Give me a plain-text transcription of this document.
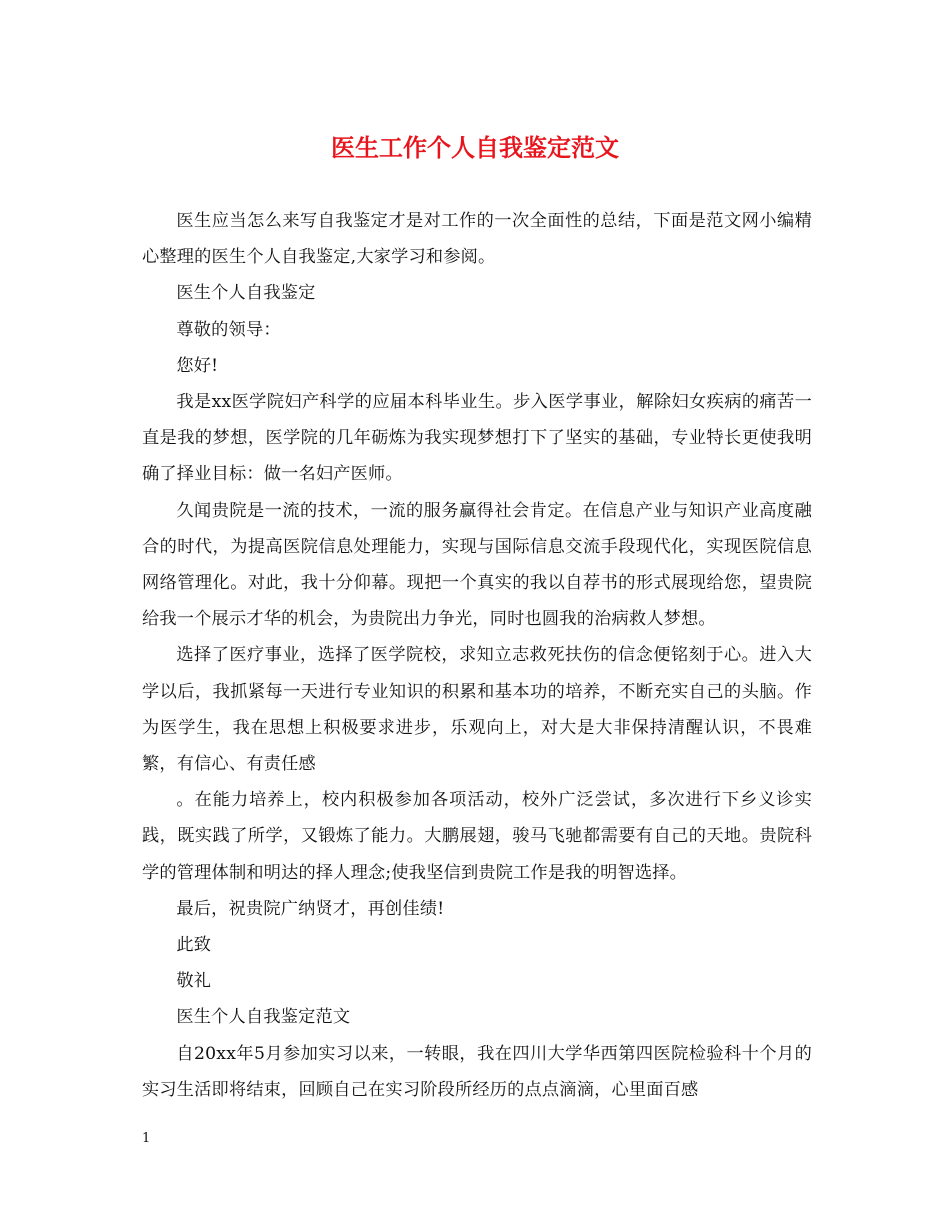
医生工作个人自我鉴定范文

医生应当怎么来写自我鉴定才是对工作的一次全面性的总结，下面是范文网小编精心整理的医生个人自我鉴定,大家学习和参阅。

医生个人自我鉴定

尊敬的领导：

您好!

我是xx医学院妇产科学的应届本科毕业生。步入医学事业，解除妇女疾病的痛苦一直是我的梦想，医学院的几年砺炼为我实现梦想打下了坚实的基础，专业特长更使我明确了择业目标：做一名妇产医师。

久闻贵院是一流的技术，一流的服务赢得社会肯定。在信息产业与知识产业高度融合的时代，为提高医院信息处理能力，实现与国际信息交流手段现代化，实现医院信息网络管理化。对此，我十分仰幕。现把一个真实的我以自荐书的形式展现给您，望贵院给我一个展示才华的机会，为贵院出力争光，同时也圆我的治病救人梦想。

选择了医疗事业，选择了医学院校，求知立志救死扶伤的信念便铭刻于心。进入大学以后，我抓紧每一天进行专业知识的积累和基本功的培养，不断充实自己的头脑。作为医学生，我在思想上积极要求进步，乐观向上，对大是大非保持清醒认识，不畏难繁，有信心、有责任感

。在能力培养上，校内积极参加各项活动，校外广泛尝试，多次进行下乡义诊实践，既实践了所学，又锻炼了能力。大鹏展翅，骏马飞驰都需要有自己的天地。贵院科学的管理体制和明达的择人理念;使我坚信到贵院工作是我的明智选择。

最后，祝贵院广纳贤才，再创佳绩!

此致

敬礼

医生个人自我鉴定范文

自20xx年5月参加实习以来，一转眼，我在四川大学华西第四医院检验科十个月的实习生活即将结束，回顾自己在实习阶段所经历的点点滴滴，心里面百感

1
